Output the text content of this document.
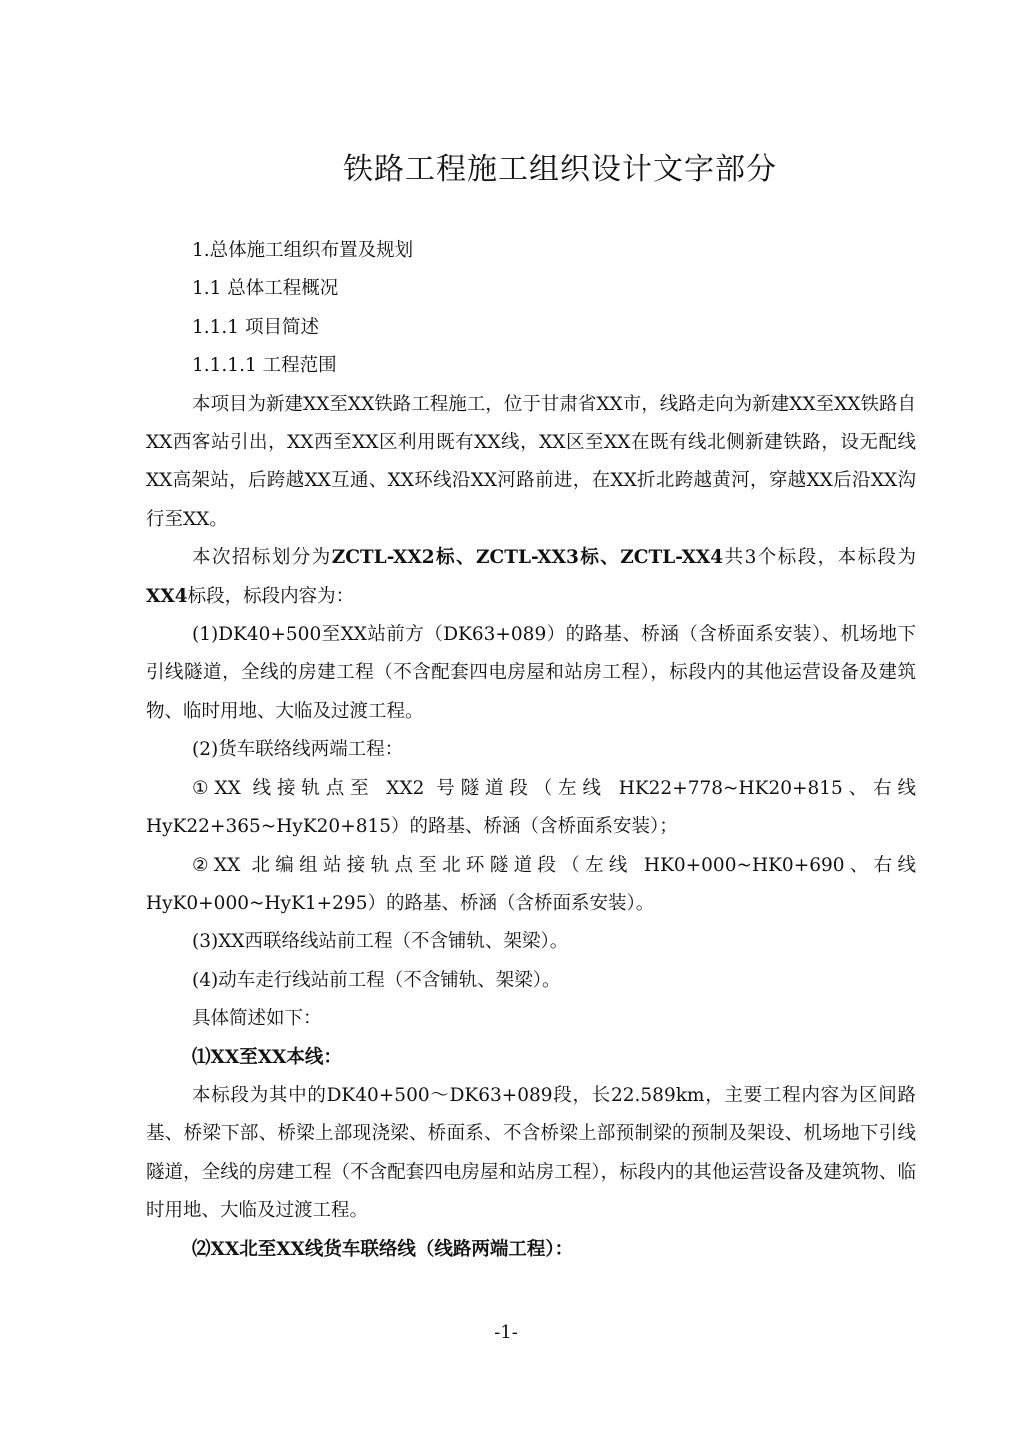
铁路工程施工组织设计文字部分

1.总体施工组织布置及规划

1.1 总体工程概况

1.1.1 项目简述

1.1.1.1 工程范围

本项目为新建XX至XX铁路工程施工，位于甘肃省XX市，线路走向为新建XX至XX铁路自XX西客站引出，XX西至XX区利用既有XX线，XX区至XX在既有线北侧新建铁路，设无配线XX高架站，后跨越XX互通、XX环线沿XX河路前进，在XX折北跨越黄河，穿越XX后沿XX沟行至XX。

本次招标划分为ZCTL-XX2标、ZCTL-XX3标、ZCTL-XX4共3个标段，本标段为XX4标段，标段内容为：

(1)DK40+500至XX站前方（DK63+089）的路基、桥涵（含桥面系安装）、机场地下引线隧道，全线的房建工程（不含配套四电房屋和站房工程），标段内的其他运营设备及建筑物、临时用地、大临及过渡工程。

(2)货车联络线两端工程：

①XX 线接轨点至 XX2 号隧道段（左线 HK22+778~HK20+815、右线 HyK22+365~HyK20+815）的路基、桥涵（含桥面系安装）；

②XX 北编组站接轨点至北环隧道段（左线 HK0+000~HK0+690、右线HyK0+000~HyK1+295）的路基、桥涵（含桥面系安装）。

(3)XX西联络线站前工程（不含铺轨、架梁）。

(4)动车走行线站前工程（不含铺轨、架梁）。

具体简述如下：

⑴XX至XX本线：

本标段为其中的DK40+500～DK63+089段，长22.589km，主要工程内容为区间路基、桥梁下部、桥梁上部现浇梁、桥面系、不含桥梁上部预制梁的预制及架设、机场地下引线隧道，全线的房建工程（不含配套四电房屋和站房工程），标段内的其他运营设备及建筑物、临时用地、大临及过渡工程。

⑵XX北至XX线货车联络线（线路两端工程）：

-1-
